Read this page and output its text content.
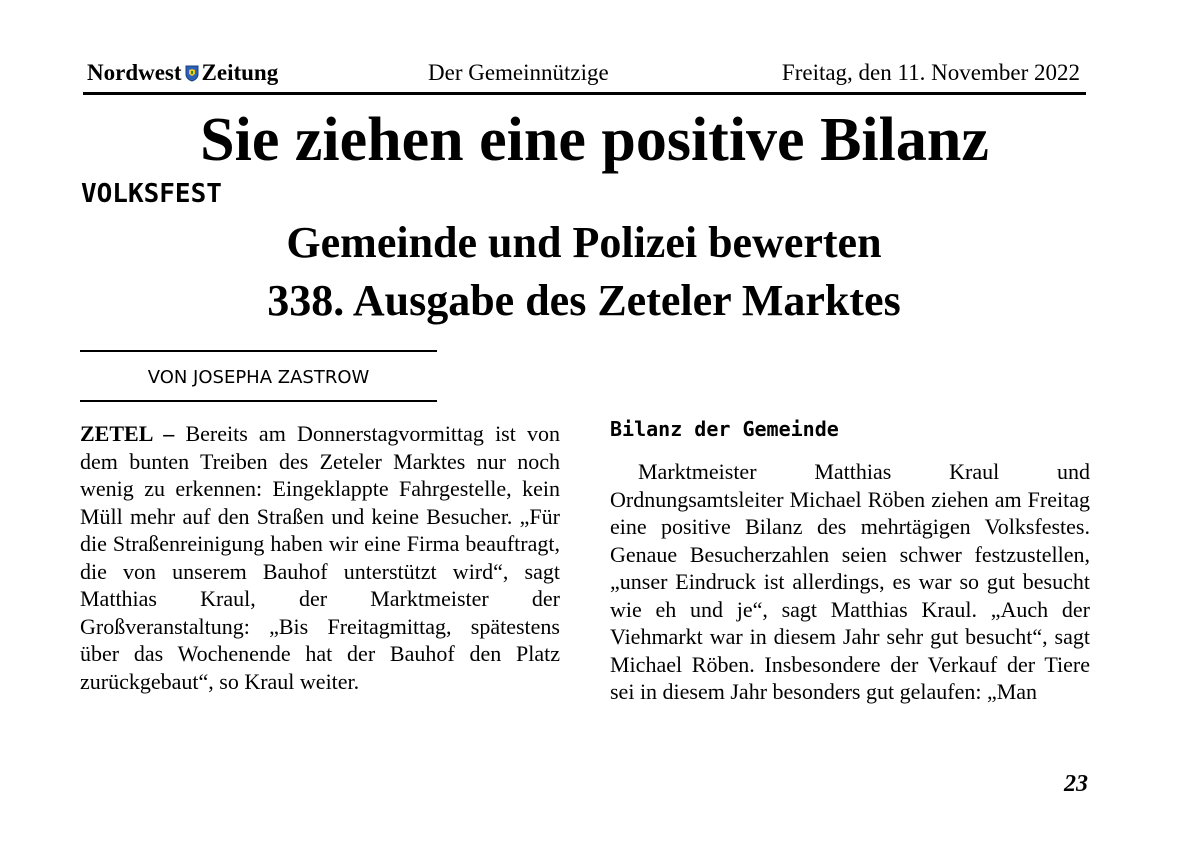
Nordwest Zeitung	Der Gemeinnützige	Freitag, den 11. November 2022
Sie ziehen eine positive Bilanz
VOLKSFEST
Gemeinde und Polizei bewerten
338. Ausgabe des Zeteler Marktes
VON JOSEPHA ZASTROW
ZETEL – Bereits am Donnerstagvormittag ist von dem bunten Treiben des Zeteler Marktes nur noch wenig zu erkennen: Eingeklappte Fahrgestelle, kein Müll mehr auf den Straßen und keine Besucher. „Für die Straßenreinigung haben wir eine Firma beauftragt, die von unserem Bauhof unterstützt wird“, sagt Matthias Kraul, der Marktmeister der Großveranstaltung: „Bis Freitagmittag, spätestens über das Wochenende hat der Bauhof den Platz zurückgebaut“, so Kraul weiter.
Bilanz der Gemeinde
Marktmeister Matthias Kraul und Ordnungsamtsleiter Michael Röben ziehen am Freitag eine positive Bilanz des mehrtägigen Volksfestes. Genaue Besucherzahlen seien schwer festzustellen, „unser Eindruck ist allerdings, es war so gut besucht wie eh und je“, sagt Matthias Kraul. „Auch der Viehmarkt war in diesem Jahr sehr gut besucht“, sagt Michael Röben. Insbesondere der Verkauf der Tiere sei in diesem Jahr besonders gut gelaufen: „Man
23
